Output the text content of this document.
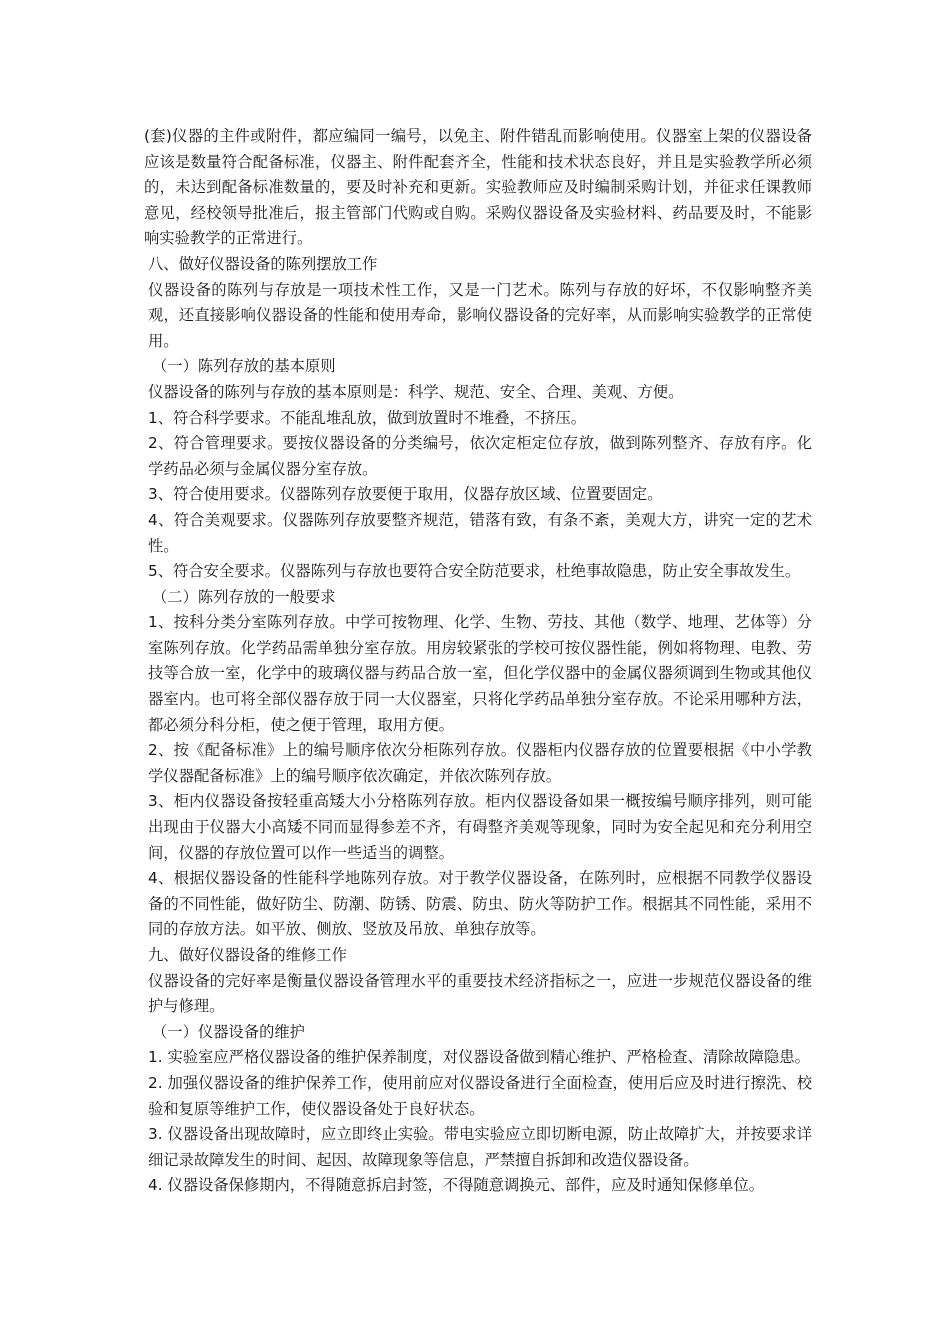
(套)仪器的主件或附件，都应编同一编号，以免主、附件错乱而影响使用。仪器室上架的仪器设备应该是数量符合配备标准，仪器主、附件配套齐全，性能和技术状态良好，并且是实验教学所必须的，未达到配备标准数量的，要及时补充和更新。实验教师应及时编制采购计划，并征求任课教师意见，经校领导批准后，报主管部门代购或自购。采购仪器设备及实验材料、药品要及时，不能影响实验教学的正常进行。

八、做好仪器设备的陈列摆放工作

仪器设备的陈列与存放是一项技术性工作，又是一门艺术。陈列与存放的好坏，不仅影响整齐美观，还直接影响仪器设备的性能和使用寿命，影响仪器设备的完好率，从而影响实验教学的正常使用。

（一）陈列存放的基本原则

仪器设备的陈列与存放的基本原则是：科学、规范、安全、合理、美观、方便。

1、符合科学要求。不能乱堆乱放，做到放置时不堆叠，不挤压。

2、符合管理要求。要按仪器设备的分类编号，依次定柜定位存放，做到陈列整齐、存放有序。化学药品必须与金属仪器分室存放。

3、符合使用要求。仪器陈列存放要便于取用，仪器存放区域、位置要固定。

4、符合美观要求。仪器陈列存放要整齐规范，错落有致，有条不紊，美观大方，讲究一定的艺术性。

5、符合安全要求。仪器陈列与存放也要符合安全防范要求，杜绝事故隐患，防止安全事故发生。

（二）陈列存放的一般要求

1、按科分类分室陈列存放。中学可按物理、化学、生物、劳技、其他（数学、地理、艺体等）分室陈列存放。化学药品需单独分室存放。用房较紧张的学校可按仪器性能，例如将物理、电教、劳技等合放一室，化学中的玻璃仪器与药品合放一室，但化学仪器中的金属仪器须调到生物或其他仪器室内。也可将全部仪器存放于同一大仪器室，只将化学药品单独分室存放。不论采用哪种方法，都必须分科分柜，使之便于管理，取用方便。

2、按《配备标准》上的编号顺序依次分柜陈列存放。仪器柜内仪器存放的位置要根据《中小学教学仪器配备标准》上的编号顺序依次确定，并依次陈列存放。

3、柜内仪器设备按轻重高矮大小分格陈列存放。柜内仪器设备如果一概按编号顺序排列，则可能出现由于仪器大小高矮不同而显得参差不齐，有碍整齐美观等现象，同时为安全起见和充分利用空间，仪器的存放位置可以作一些适当的调整。

4、根据仪器设备的性能科学地陈列存放。对于教学仪器设备，在陈列时，应根据不同教学仪器设备的不同性能，做好防尘、防潮、防锈、防震、防虫、防火等防护工作。根据其不同性能，采用不同的存放方法。如平放、侧放、竖放及吊放、单独存放等。

九、做好仪器设备的维修工作

仪器设备的完好率是衡量仪器设备管理水平的重要技术经济指标之一，应进一步规范仪器设备的维护与修理。

（一）仪器设备的维护

1. 实验室应严格仪器设备的维护保养制度，对仪器设备做到精心维护、严格检查、清除故障隐患。

2. 加强仪器设备的维护保养工作，使用前应对仪器设备进行全面检查，使用后应及时进行擦洗、校验和复原等维护工作，使仪器设备处于良好状态。

3. 仪器设备出现故障时，应立即终止实验。带电实验应立即切断电源，防止故障扩大，并按要求详细记录故障发生的时间、起因、故障现象等信息，严禁擅自拆卸和改造仪器设备。

4. 仪器设备保修期内，不得随意拆启封签，不得随意调换元、部件，应及时通知保修单位。
